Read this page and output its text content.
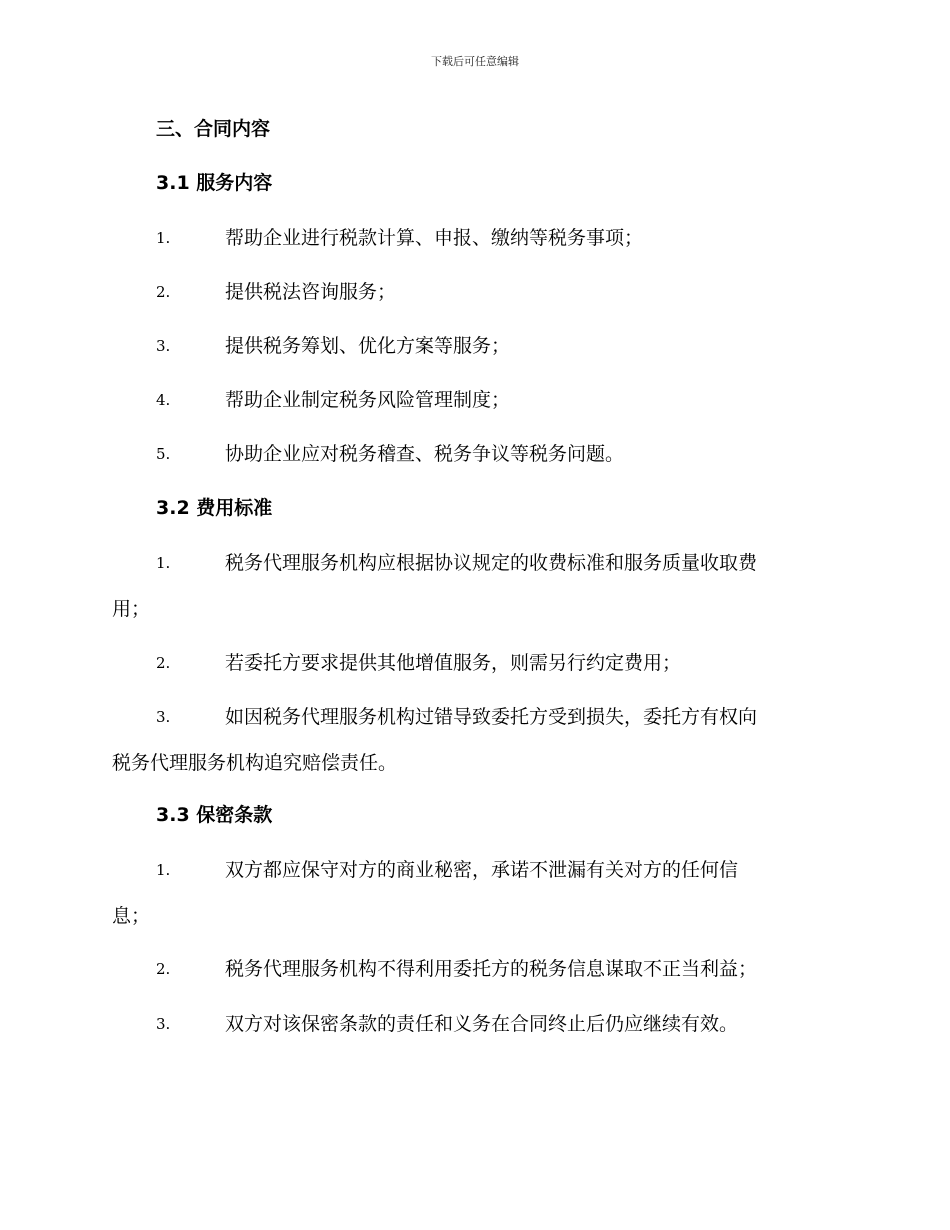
下载后可任意编辑
三、合同内容
3.1 服务内容
1.	帮助企业进行税款计算、申报、缴纳等税务事项；
2.	提供税法咨询服务；
3.	提供税务筹划、优化方案等服务；
4.	帮助企业制定税务风险管理制度；
5.	协助企业应对税务稽查、税务争议等税务问题。
3.2 费用标准
1.	税务代理服务机构应根据协议规定的收费标准和服务质量收取费
用；
2.	若委托方要求提供其他增值服务，则需另行约定费用；
3.	如因税务代理服务机构过错导致委托方受到损失，委托方有权向
税务代理服务机构追究赔偿责任。
3.3 保密条款
1.	双方都应保守对方的商业秘密，承诺不泄漏有关对方的任何信
息；
2.	税务代理服务机构不得利用委托方的税务信息谋取不正当利益；
3.	双方对该保密条款的责任和义务在合同终止后仍应继续有效。
